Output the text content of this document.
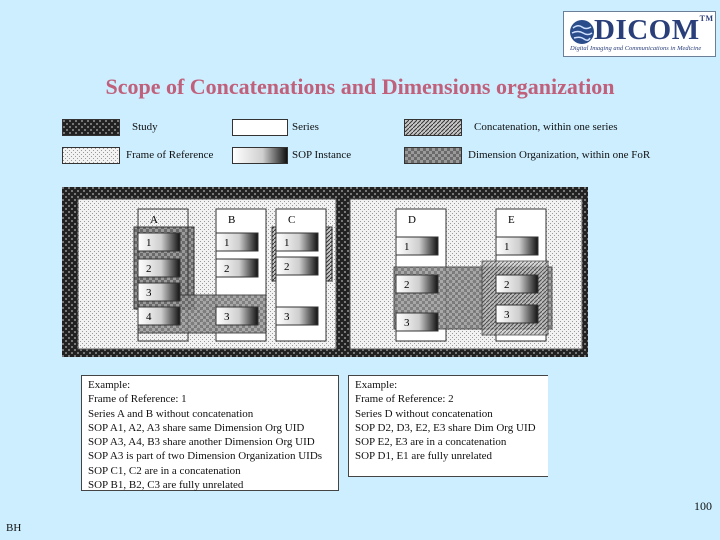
DICOM™
Digital Imaging and Communications in Medicine
Scope of Concatenations and Dimensions organization
Study	Series	Concatenation, within one series
Frame of Reference	SOP Instance	Dimension Organization, within one FoR
A	B	C	D	E
1
2
3
4
1
2
3
1
2
3
1
2
3
1
2
3
Example:
Frame of Reference: 1
Series A and B without concatenation
SOP A1, A2, A3 share same Dimension Org UID
SOP A3, A4, B3 share another Dimension Org UID
SOP A3 is part of two Dimension Organization UIDs
SOP C1, C2 are in a concatenation
SOP B1, B2, C3 are fully unrelated
Example:
Frame of Reference: 2
Series D without concatenation
SOP D2, D3, E2, E3 share Dim Org UID
SOP E2, E3 are in a concatenation
SOP D1, E1 are fully unrelated
100
BH
